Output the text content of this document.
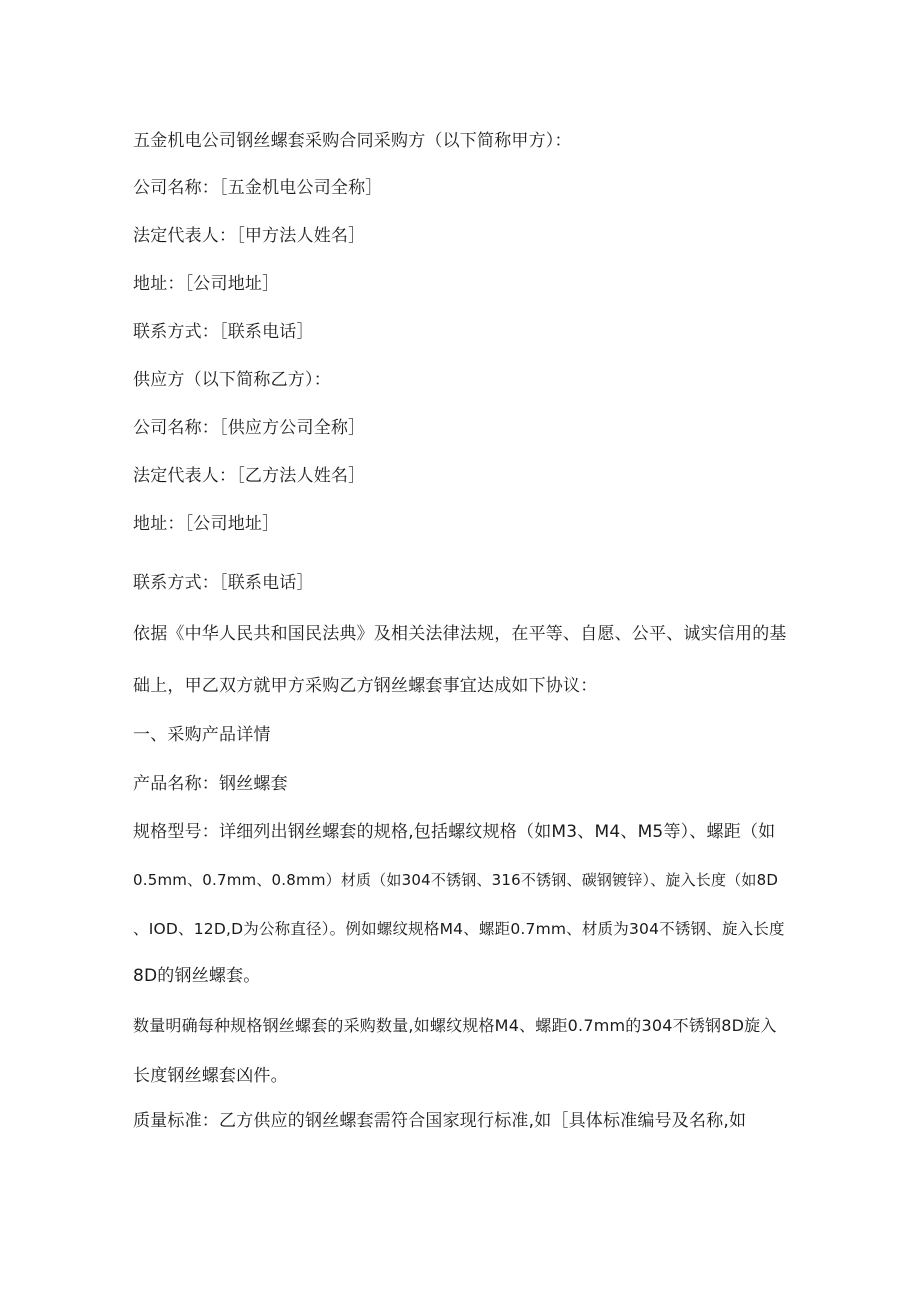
五金机电公司钢丝螺套采购合同采购方（以下简称甲方）：
公司名称：［五金机电公司全称］
法定代表人：［甲方法人姓名］
地址：［公司地址］
联系方式：［联系电话］
供应方（以下简称乙方）：
公司名称：［供应方公司全称］
法定代表人：［乙方法人姓名］
地址：［公司地址］
联系方式：［联系电话］
依据《中华人民共和国民法典》及相关法律法规，在平等、自愿、公平、诚实信用的基
础上，甲乙双方就甲方采购乙方钢丝螺套事宜达成如下协议：
一、采购产品详情
产品名称：钢丝螺套
规格型号：详细列出钢丝螺套的规格,包括螺纹规格（如M3、M4、M5等）、螺距（如
0.5mm、0.7mm、0.8mm）材质（如304不锈钢、316不锈钢、碳钢镀锌）、旋入长度（如8D
、IOD、12D,D为公称直径）。例如螺纹规格M4、螺距0.7mm、材质为304不锈钢、旋入长度
8D的钢丝螺套。
数量明确每种规格钢丝螺套的采购数量,如螺纹规格M4、螺距0.7mm的304不锈钢8D旋入
长度钢丝螺套凶件。
质量标准：乙方供应的钢丝螺套需符合国家现行标准,如［具体标准编号及名称,如
